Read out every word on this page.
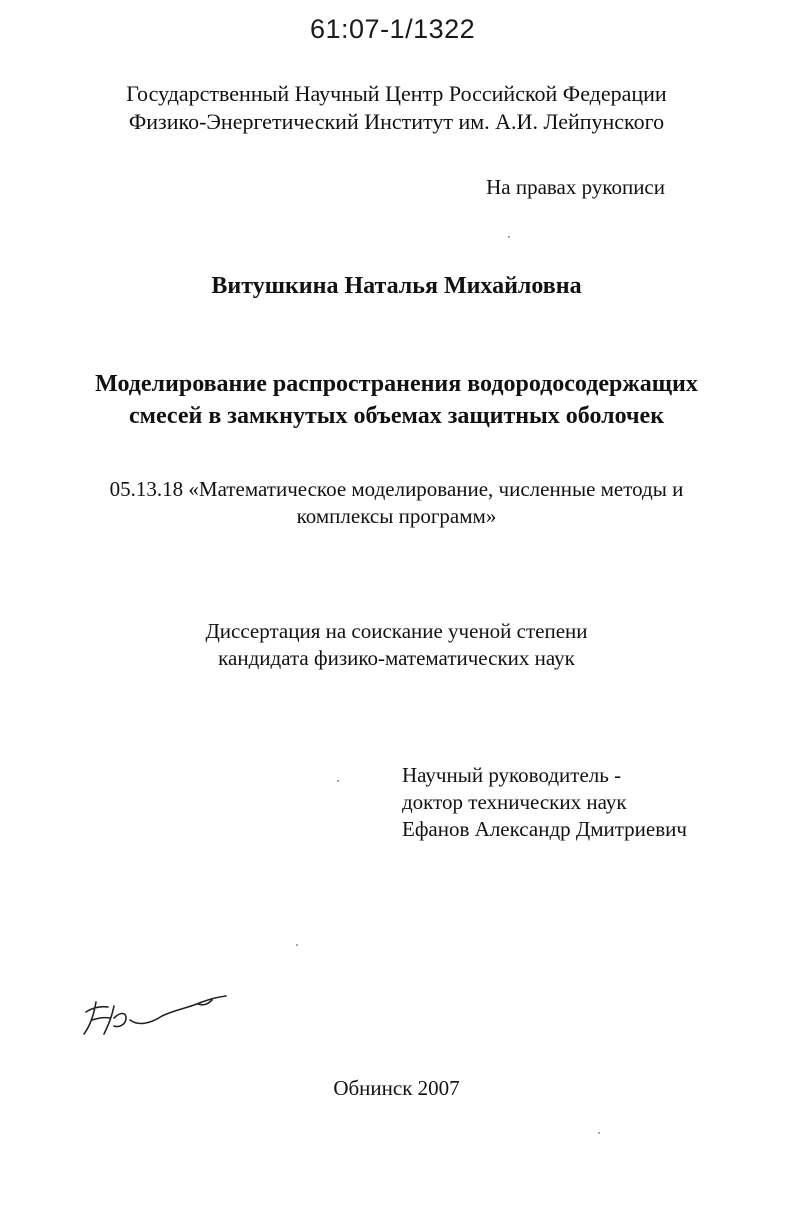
61:07-1/1322
Государственный Научный Центр Российской Федерации
Физико-Энергетический Институт им. А.И. Лейпунского
На правах рукописи
Витушкина Наталья Михайловна
Моделирование распространения водородосодержащих
смесей в замкнутых объемах защитных оболочек
05.13.18 «Математическое моделирование, численные методы и
комплексы программ»
Диссертация на соискание ученой степени
кандидата физико-математических наук
Научный руководитель -
доктор технических наук
Ефанов Александр Дмитриевич
Обнинск 2007
